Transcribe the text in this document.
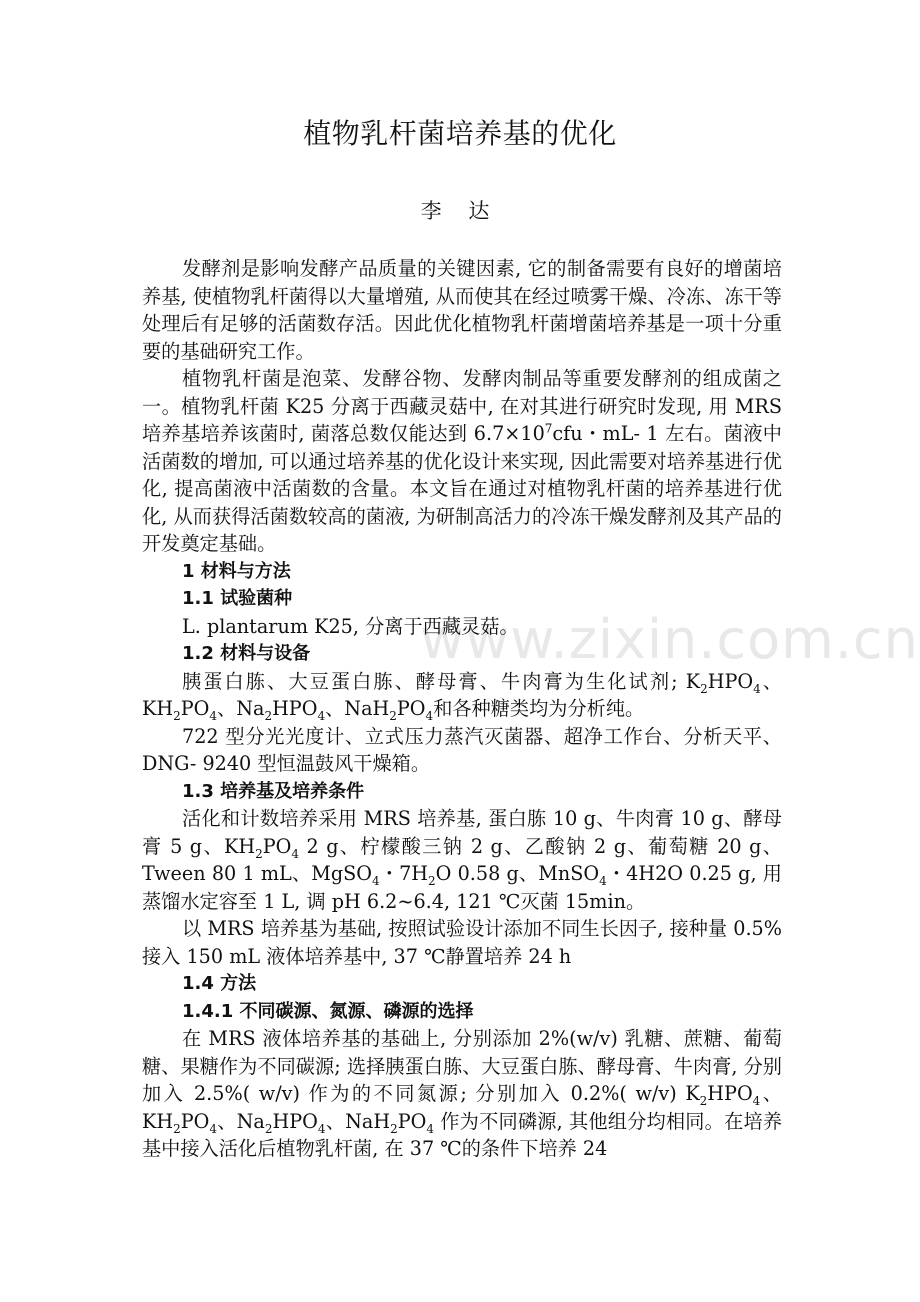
植物乳杆菌培养基的优化
李 达
www.zixin.com.cn

发酵剂是影响发酵产品质量的关键因素, 它的制备需要有良好的增菌培养基, 使植物乳杆菌得以大量增殖, 从而使其在经过喷雾干燥、冷冻、冻干等处理后有足够的活菌数存活。因此优化植物乳杆菌增菌培养基是一项十分重要的基础研究工作。

植物乳杆菌是泡菜、发酵谷物、发酵肉制品等重要发酵剂的组成菌之一。植物乳杆菌 K25 分离于西藏灵菇中, 在对其进行研究时发现, 用 MRS 培养基培养该菌时, 菌落总数仅能达到 $6.7\times 10^7cfu$・mL- 1 左右。菌液中活菌数的增加, 可以通过培养基的优化设计来实现, 因此需要对培养基进行优化, 提高菌液中活菌数的含量。本文旨在通过对植物乳杆菌的培养基进行优化, 从而获得活菌数较高的菌液, 为研制高活力的冷冻干燥发酵剂及其产品的开发奠定基础。

1 材料与方法

1.1 试验菌种

L. plantarum K25, 分离于西藏灵菇。

1.2 材料与设备

胰蛋白胨、大豆蛋白胨、酵母膏、牛肉膏为生化试剂; $K_2HPO_4$、$KH_2PO_4$、$Na_2HPO_4$、$NaH_2PO_4$和各种糖类均为分析纯。

722 型分光光度计、立式压力蒸汽灭菌器、超净工作台、分析天平、DNG- 9240 型恒温鼓风干燥箱。

1.3 培养基及培养条件

活化和计数培养采用 MRS 培养基, 蛋白胨 10 g、牛肉膏 10 g、酵母膏 5 g、$KH_2PO_4$ 2 g、柠檬酸三钠 2 g、乙酸钠 2 g、葡萄糖 20 g、Tween 80 1 mL、MgSO$_4$・$7H_2O$ 0.58 g、MnSO$_4$・4H2O 0.25 g, 用蒸馏水定容至 1 L, 调 pH 6.2~6.4, 121 ℃灭菌 15min。

以 MRS 培养基为基础, 按照试验设计添加不同生长因子, 接种量 0.5%接入 150 mL 液体培养基中, 37 ℃静置培养 24 h

1.4 方法

1.4.1 不同碳源、氮源、磷源的选择

在 MRS 液体培养基的基础上, 分别添加 2%(w/v) 乳糖、蔗糖、葡萄糖、果糖作为不同碳源; 选择胰蛋白胨、大豆蛋白胨、酵母膏、牛肉膏, 分别加入 2.5%( w/v) 作为的不同氮源; 分别加入 0.2%( w/v) $K_2HPO_4$、$KH_2PO_4$、$Na_2HPO_4$、$NaH_2PO_4$ 作为不同磷源, 其他组分均相同。在培养基中接入活化后植物乳杆菌, 在 37 ℃的条件下培养 24
